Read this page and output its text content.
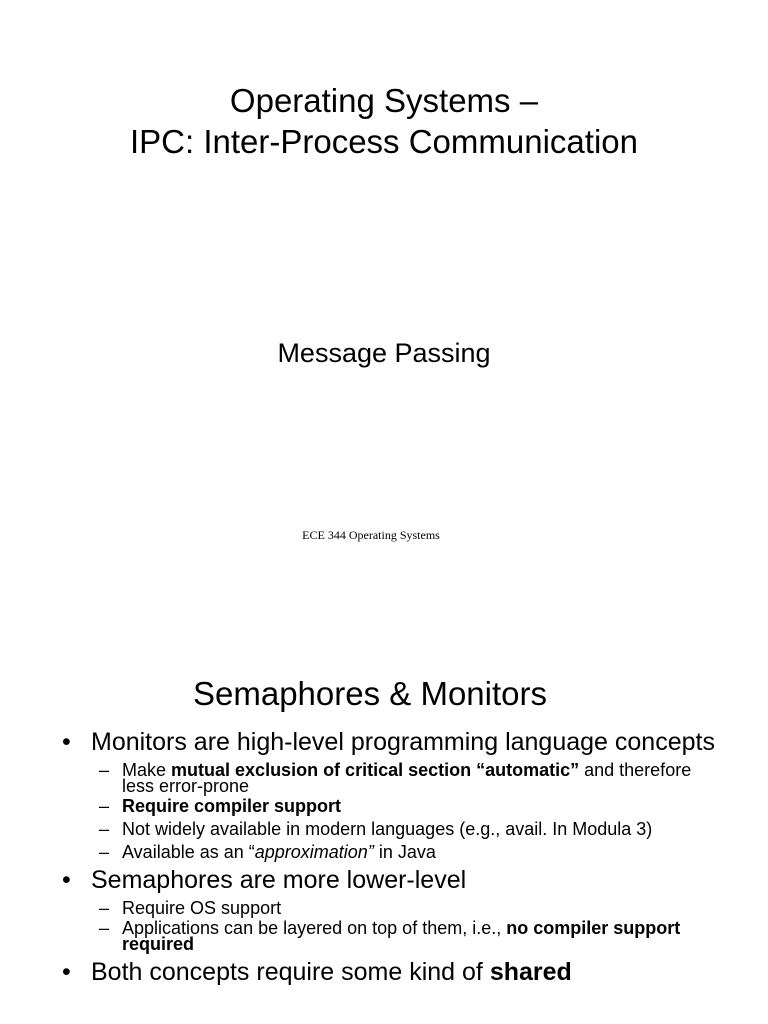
Operating Systems –
IPC: Inter-Process Communication
Message Passing
ECE 344 Operating Systems
Semaphores & Monitors
• Monitors are high-level programming language concepts
– Make mutual exclusion of critical section “automatic” and therefore less error-prone
– Require compiler support
– Not widely available in modern languages (e.g., avail. In Modula 3)
– Available as an “approximation” in Java
• Semaphores are more lower-level
– Require OS support
– Applications can be layered on top of them, i.e., no compiler support required
• Both concepts require some kind of shared
